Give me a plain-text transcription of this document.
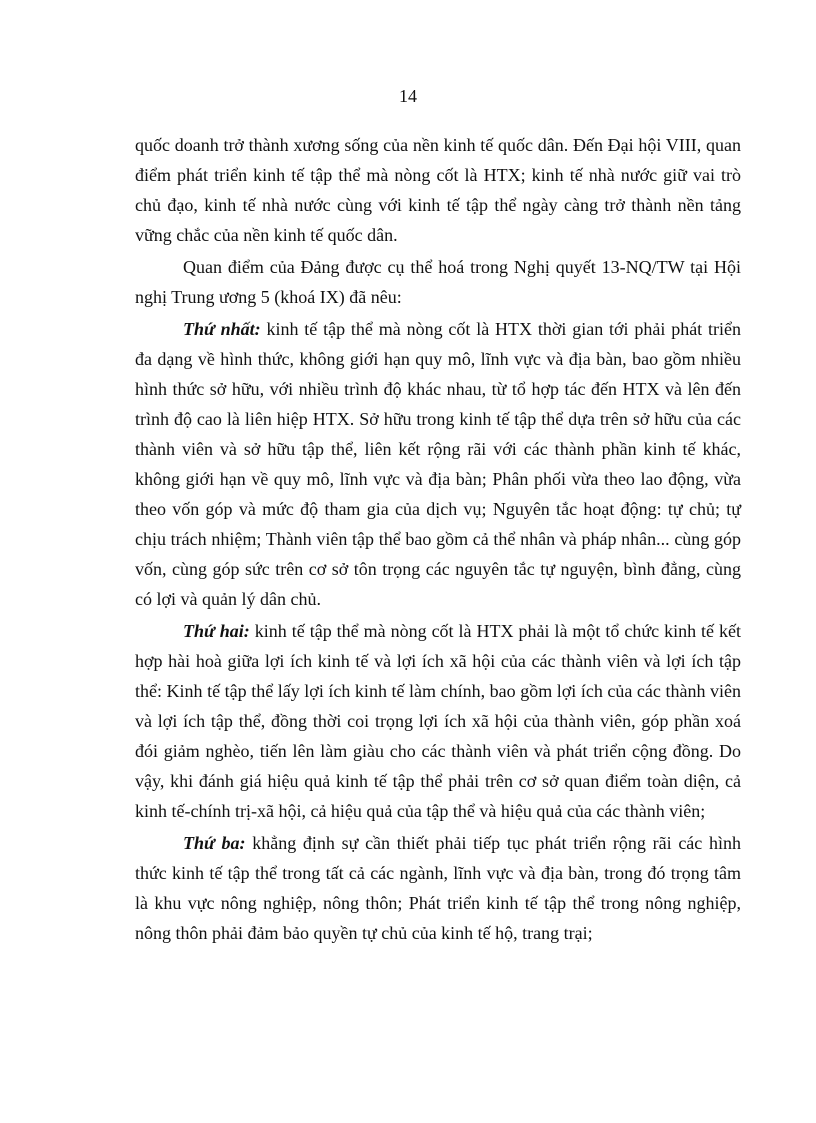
14

quốc doanh trở thành xương sống của nền kinh tế quốc dân. Đến Đại hội VIII, quan điểm phát triển kinh tế tập thể mà nòng cốt là HTX; kinh tế nhà nước giữ vai trò chủ đạo, kinh tế nhà nước cùng với kinh tế tập thể ngày càng trở thành nền tảng vững chắc của nền kinh tế quốc dân.

Quan điểm của Đảng được cụ thể hoá trong Nghị quyết 13-NQ/TW tại Hội nghị Trung ương 5 (khoá IX) đã nêu:

Thứ nhất: kinh tế tập thể mà nòng cốt là HTX thời gian tới phải phát triển đa dạng về hình thức, không giới hạn quy mô, lĩnh vực và địa bàn, bao gồm nhiều hình thức sở hữu, với nhiều trình độ khác nhau, từ tổ hợp tác đến HTX và lên đến trình độ cao là liên hiệp HTX. Sở hữu trong kinh tế tập thể dựa trên sở hữu của các thành viên và sở hữu tập thể, liên kết rộng rãi với các thành phần kinh tế khác, không giới hạn về quy mô, lĩnh vực và địa bàn; Phân phối vừa theo lao động, vừa theo vốn góp và mức độ tham gia của dịch vụ; Nguyên tắc hoạt động: tự chủ; tự chịu trách nhiệm; Thành viên tập thể bao gồm cả thể nhân và pháp nhân... cùng góp vốn, cùng góp sức trên cơ sở tôn trọng các nguyên tắc tự nguyện, bình đẳng, cùng có lợi và quản lý dân chủ.

Thứ hai: kinh tế tập thể mà nòng cốt là HTX phải là một tổ chức kinh tế kết hợp hài hoà giữa lợi ích kinh tế và lợi ích xã hội của các thành viên và lợi ích tập thể: Kinh tế tập thể lấy lợi ích kinh tế làm chính, bao gồm lợi ích của các thành viên và lợi ích tập thể, đồng thời coi trọng lợi ích xã hội của thành viên, góp phần xoá đói giảm nghèo, tiến lên làm giàu cho các thành viên và phát triển cộng đồng. Do vậy, khi đánh giá hiệu quả kinh tế tập thể phải trên cơ sở quan điểm toàn diện, cả kinh tế-chính trị-xã hội, cả hiệu quả của tập thể và hiệu quả của các thành viên;

Thứ ba: khẳng định sự cần thiết phải tiếp tục phát triển rộng rãi các hình thức kinh tế tập thể trong tất cả các ngành, lĩnh vực và địa bàn, trong đó trọng tâm là khu vực nông nghiệp, nông thôn; Phát triển kinh tế tập thể trong nông nghiệp, nông thôn phải đảm bảo quyền tự chủ của kinh tế hộ, trang trại;
